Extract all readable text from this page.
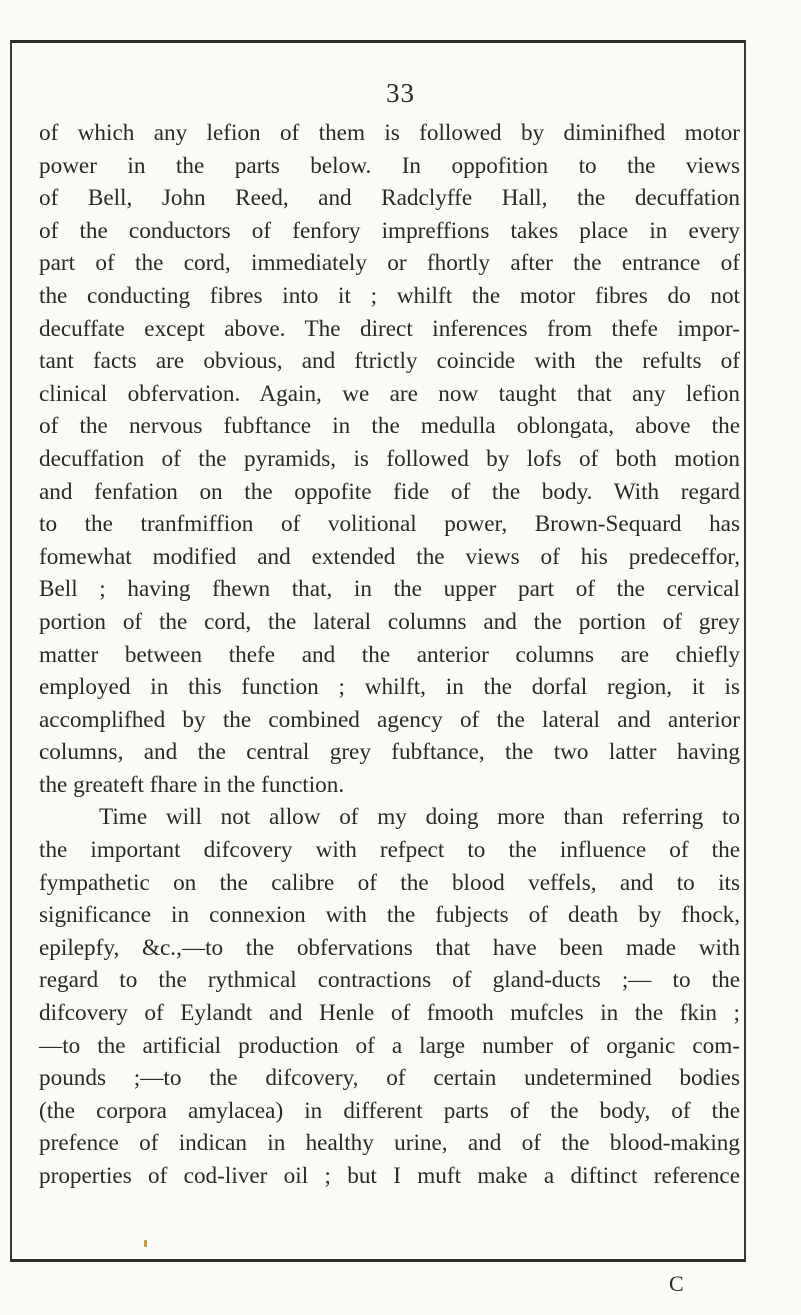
33
of which any lefion of them is followed by diminifhed motor
power in the parts below. In oppofition to the views
of Bell, John Reed, and Radclyffe Hall, the decuffation
of the conductors of fenfory impreffions takes place in every
part of the cord, immediately or fhortly after the entrance of
the conducting fibres into it ; whilft the motor fibres do not
decuffate except above. The direct inferences from thefe impor-
tant facts are obvious, and ftrictly coincide with the refults of
clinical obfervation. Again, we are now taught that any lefion
of the nervous fubftance in the medulla oblongata, above the
decuffation of the pyramids, is followed by lofs of both motion
and fenfation on the oppofite fide of the body. With regard
to the tranfmiffion of volitional power, Brown-Sequard has
fomewhat modified and extended the views of his predeceffor,
Bell ; having fhewn that, in the upper part of the cervical
portion of the cord, the lateral columns and the portion of grey
matter between thefe and the anterior columns are chiefly
employed in this function ; whilft, in the dorfal region, it is
accomplifhed by the combined agency of the lateral and anterior
columns, and the central grey fubftance, the two latter having
the greateft fhare in the function.
Time will not allow of my doing more than referring to
the important difcovery with refpect to the influence of the
fympathetic on the calibre of the blood veffels, and to its
significance in connexion with the fubjects of death by fhock,
epilepfy, &c.,—to the obfervations that have been made with
regard to the rythmical contractions of gland-ducts ;— to the
difcovery of Eylandt and Henle of fmooth mufcles in the fkin ;
—to the artificial production of a large number of organic com-
pounds ;—to the difcovery, of certain undetermined bodies
(the corpora amylacea) in different parts of the body, of the
prefence of indican in healthy urine, and of the blood-making
properties of cod-liver oil ; but I muft make a diftinct reference
C
